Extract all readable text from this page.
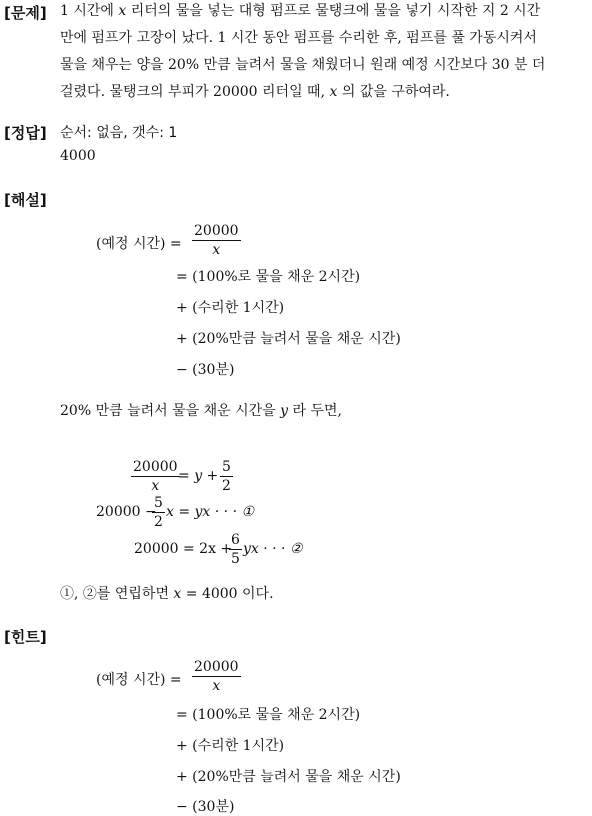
[문제] 1 시간에 x 리터의 물을 넣는 대형 펌프로 물탱크에 물을 넣기 시작한 지 2 시간
만에 펌프가 고장이 났다. 1 시간 동안 펌프를 수리한 후, 펌프를 풀 가동시켜서
물을 채우는 양을 20% 만큼 늘려서 물을 채웠더니 원래 예정 시간보다 30 분 더
걸렸다. 물탱크의 부피가 20000 리터일 때, x 의 값을 구하여라.
[정답] 순서: 없음, 갯수: 1
4000
[해설]
(예정 시간) = $\frac{20000}{x}$
= (100%로 물을 채운 2시간)
+ (수리한 1시간)
+ (20%만큼 늘려서 물을 채운 시간)
− (30분)
20% 만큼 늘려서 물을 채운 시간을 y 라 두면,
$\frac{20000}{x}$
= $y + \frac{5}{2}$
20000 −
$\frac{5}{2}$ x = yx · · · ①
20000 = 2x +
$\frac{6}{5}$ yx · · · ②
①, ②를 연립하면 x = 4000 이다.
[힌트]
(예정 시간) = $\frac{20000}{x}$
= (100%로 물을 채운 2시간)
+ (수리한 1시간)
+ (20%만큼 늘려서 물을 채운 시간)
− (30분)
